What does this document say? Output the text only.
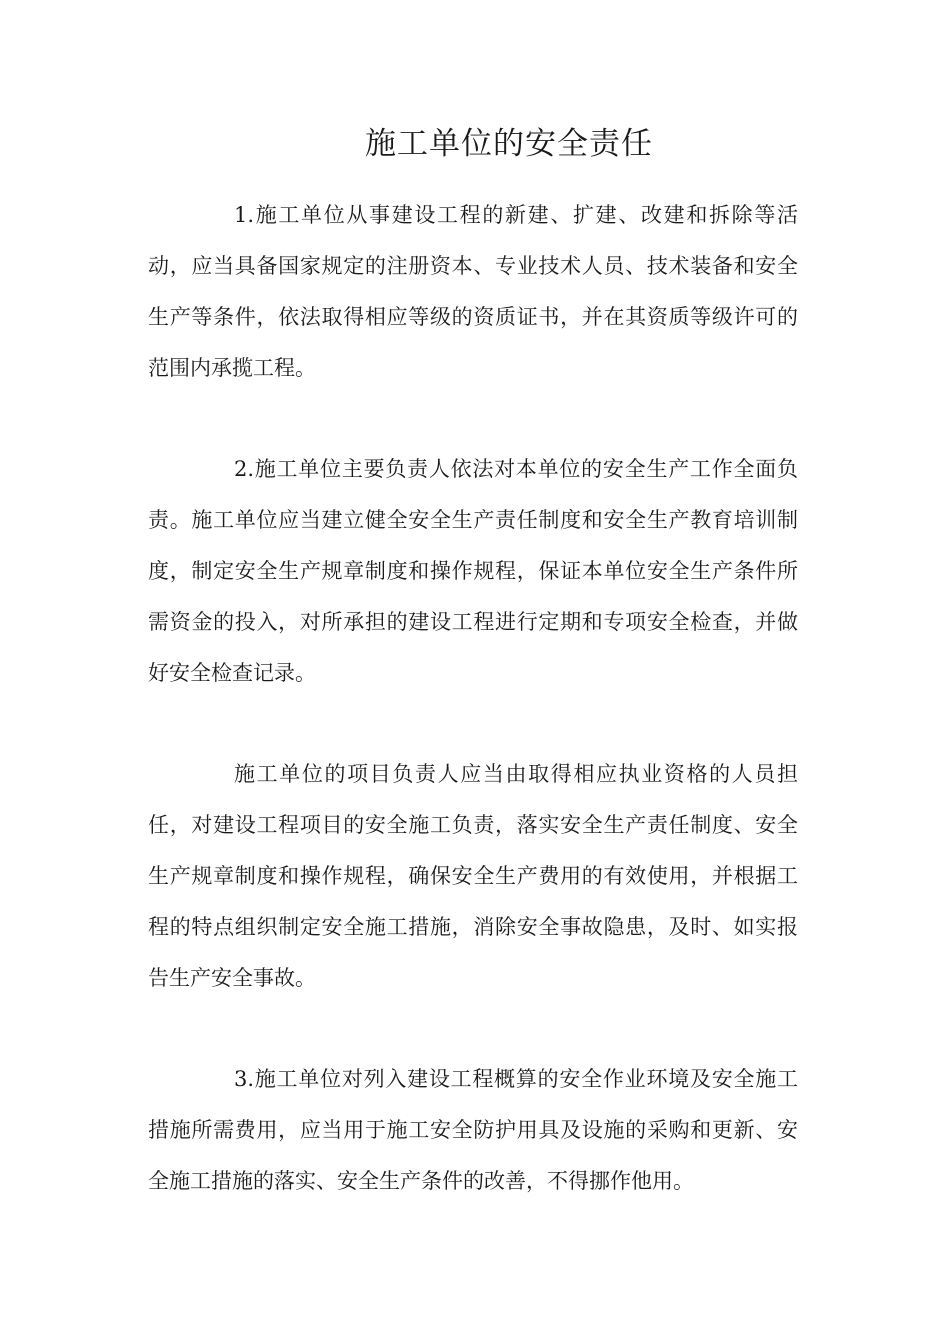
施工单位的安全责任

1.施工单位从事建设工程的新建、扩建、改建和拆除等活动，应当具备国家规定的注册资本、专业技术人员、技术装备和安全生产等条件，依法取得相应等级的资质证书，并在其资质等级许可的范围内承揽工程。

2.施工单位主要负责人依法对本单位的安全生产工作全面负责。施工单位应当建立健全安全生产责任制度和安全生产教育培训制度，制定安全生产规章制度和操作规程，保证本单位安全生产条件所需资金的投入，对所承担的建设工程进行定期和专项安全检查，并做好安全检查记录。

施工单位的项目负责人应当由取得相应执业资格的人员担任，对建设工程项目的安全施工负责，落实安全生产责任制度、安全生产规章制度和操作规程，确保安全生产费用的有效使用，并根据工程的特点组织制定安全施工措施，消除安全事故隐患，及时、如实报告生产安全事故。

3.施工单位对列入建设工程概算的安全作业环境及安全施工措施所需费用，应当用于施工安全防护用具及设施的采购和更新、安全施工措施的落实、安全生产条件的改善，不得挪作他用。
